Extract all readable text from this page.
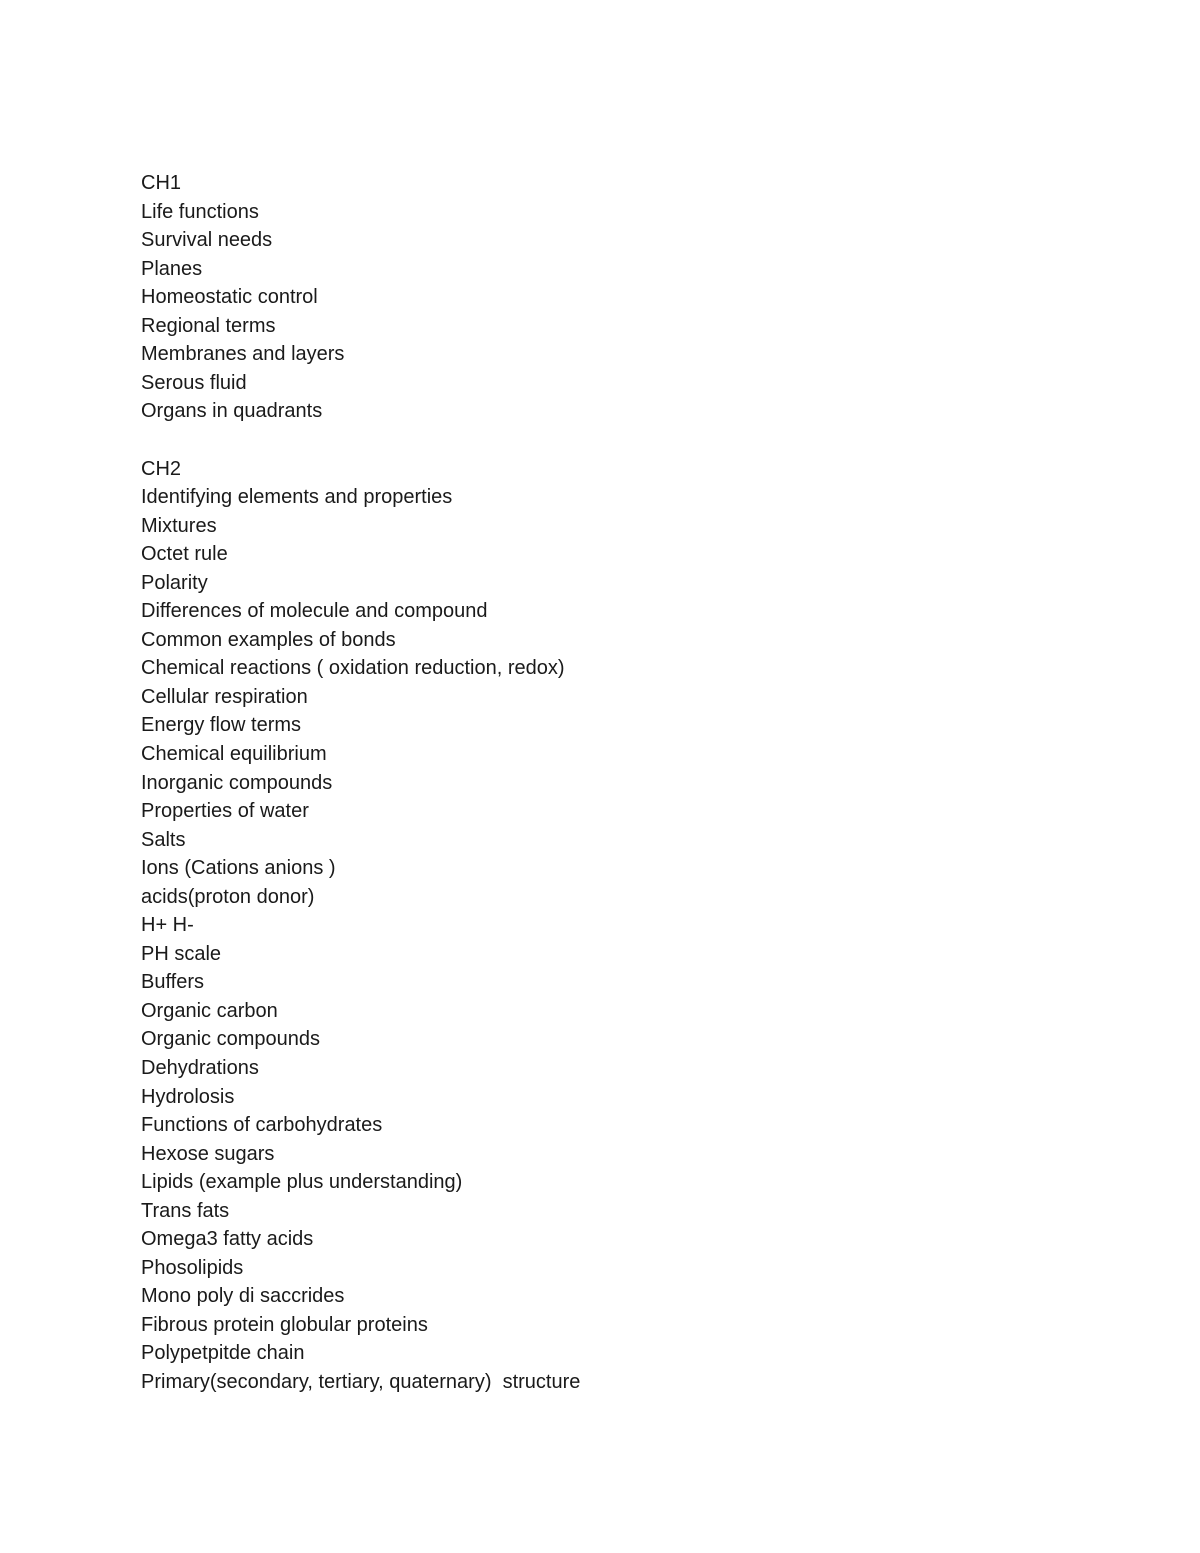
CH1

Life functions

Survival needs

Planes

Homeostatic control

Regional terms

Membranes and layers

Serous fluid

Organs in quadrants

CH2

Identifying elements and properties

Mixtures

Octet rule

Polarity

Differences of molecule and compound

Common examples of bonds

Chemical reactions ( oxidation reduction, redox)

Cellular respiration

Energy flow terms

Chemical equilibrium

Inorganic compounds

Properties of water

Salts

Ions (Cations anions )

acids(proton donor)

H+ H-

PH scale

Buffers

Organic carbon

Organic compounds

Dehydrations

Hydrolosis

Functions of carbohydrates

Hexose sugars

Lipids (example plus understanding)

Trans fats

Omega3 fatty acids

Phosolipids

Mono poly di saccrides

Fibrous protein globular proteins

Polypetpitde chain

Primary(secondary, tertiary, quaternary)  structure
